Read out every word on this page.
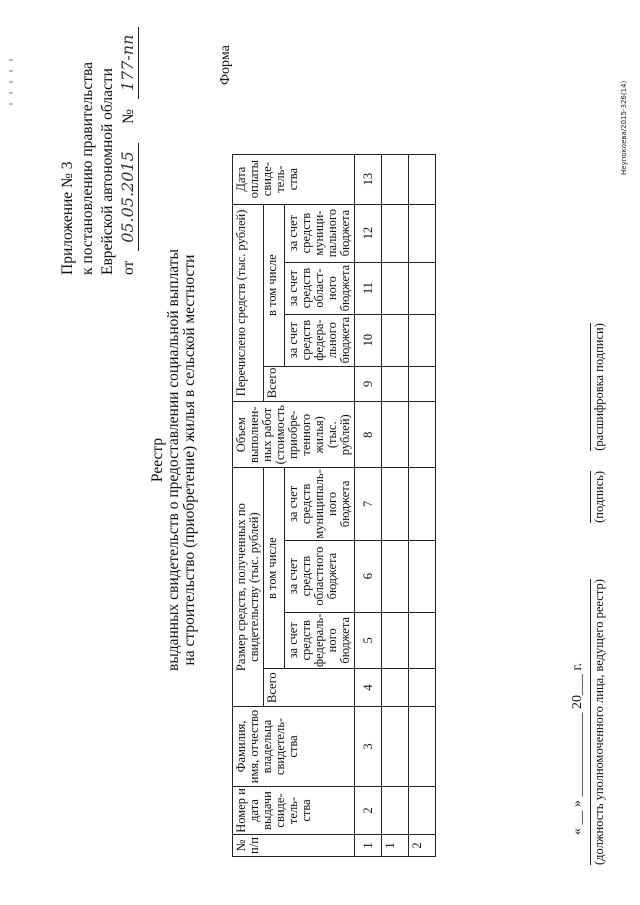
Приложение № 3 к постановлению правительства Еврейской автономной области от 05.05.2015     № 177-пп
Реестр выданных свидетельств о предоставлении социальной выплаты на строительство (приобретение) жилья в сельской местности
Форма
№ п/п	Номер и дата выдачи свиде-тель-ства	Фамилия, имя, отчество владельца свидетель-ства	Размер средств, полученных по свидетельству (тыс. рублей)				Объем выполнен-ных работ (стоимость приобре-тенного жилья) (тыс. рублей)	Перечислено средств (тыс. рублей)				Дата оплаты свиде-тель-ства
			Всего	в том числе				Всего	в том числе			
				за счет средств федераль-ного бюджета	за счет средств областного бюджета	за счет средств муниципаль-ного бюджета			за счет средств федера-льного бюджета	за счет средств област-ного бюджета	за счет средств муници-пального бюджета	
1	2	3	4	5	6	7	8	9	10	11	12	13
1												
2												
« __ » ____________ 20___ г. (должность уполномоченного лица, ведущего реестр)  (подпись)  (расшифровка подписи)
Неупокоева/2015-326(14)
